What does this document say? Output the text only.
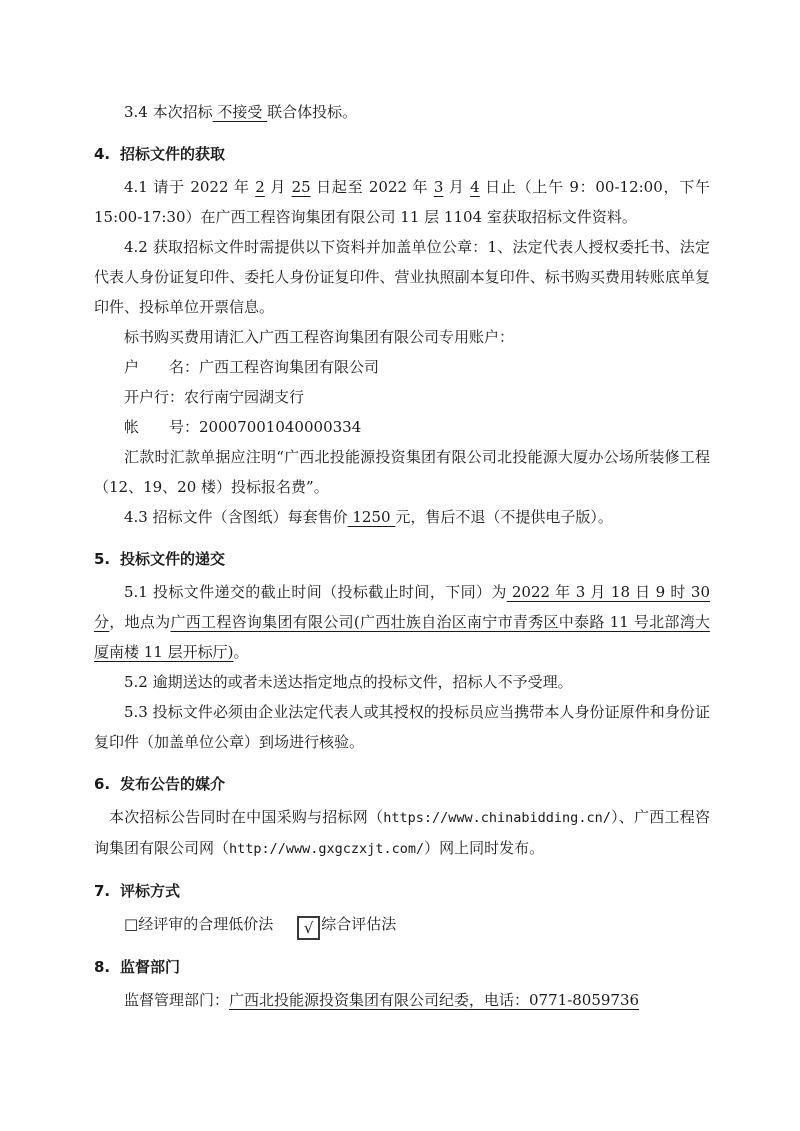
3.4 本次招标 不接受 联合体投标。

4. 招标文件的获取

4.1 请于 2022 年 2 月 25 日起至 2022 年 3 月 4 日止（上午 9：00-12:00，下午 15:00-17:30）在广西工程咨询集团有限公司 11 层 1104 室获取招标文件资料。

4.2 获取招标文件时需提供以下资料并加盖单位公章：1、法定代表人授权委托书、法定代表人身份证复印件、委托人身份证复印件、营业执照副本复印件、标书购买费用转账底单复印件、投标单位开票信息。

标书购买费用请汇入广西工程咨询集团有限公司专用账户：

户　　名：广西工程咨询集团有限公司

开户行：农行南宁园湖支行

帐　　号：20007001040000334

汇款时汇款单据应注明“广西北投能源投资集团有限公司北投能源大厦办公场所装修工程（12、19、20 楼）投标报名费”。

4.3 招标文件（含图纸）每套售价 1250 元，售后不退（不提供电子版）。

5. 投标文件的递交

5.1 投标文件递交的截止时间（投标截止时间，下同）为 2022 年 3 月 18 日 9 时 30 分，地点为广西工程咨询集团有限公司(广西壮族自治区南宁市青秀区中泰路 11 号北部湾大厦南楼 11 层开标厅)。

5.2 逾期送达的或者未送达指定地点的投标文件，招标人不予受理。

5.3 投标文件必须由企业法定代表人或其授权的投标员应当携带本人身份证原件和身份证复印件（加盖单位公章）到场进行核验。

6. 发布公告的媒介

本次招标公告同时在中国采购与招标网（https://www.chinabidding.cn/）、广西工程咨询集团有限公司网（http://www.gxgczxjt.com/）网上同时发布。

7. 评标方式

□经评审的合理低价法 √ 综合评估法

8. 监督部门

监督管理部门：广西北投能源投资集团有限公司纪委，电话：0771-8059736
